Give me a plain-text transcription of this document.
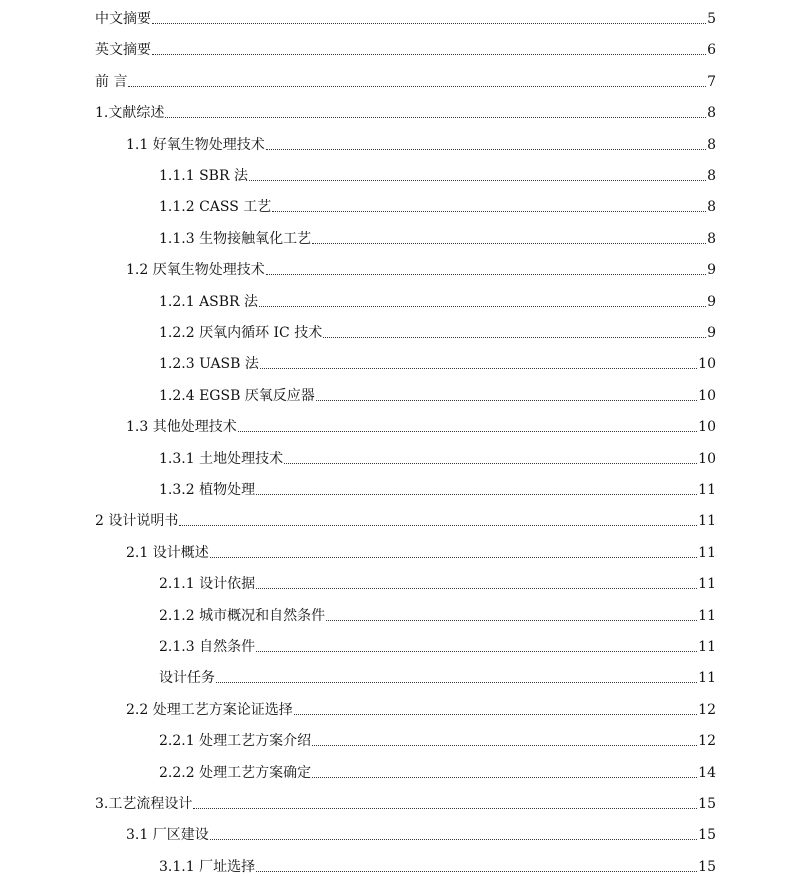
中文摘要	5
英文摘要	6
前 言	7
1.文献综述	8
1.1 好氧生物处理技术	8
1.1.1 SBR 法	8
1.1.2 CASS 工艺	8
1.1.3 生物接触氧化工艺	8
1.2 厌氧生物处理技术	9
1.2.1 ASBR 法	9
1.2.2 厌氧内循环 IC 技术	9
1.2.3 UASB 法	10
1.2.4 EGSB 厌氧反应器	10
1.3 其他处理技术	10
1.3.1 土地处理技术	10
1.3.2 植物处理	11
2 设计说明书	11
2.1 设计概述	11
2.1.1 设计依据	11
2.1.2 城市概况和自然条件	11
2.1.3 自然条件	11
设计任务	11
2.2 处理工艺方案论证选择	12
2.2.1 处理工艺方案介绍	12
2.2.2 处理工艺方案确定	14
3.工艺流程设计	15
3.1 厂区建设	15
3.1.1 厂址选择	15
